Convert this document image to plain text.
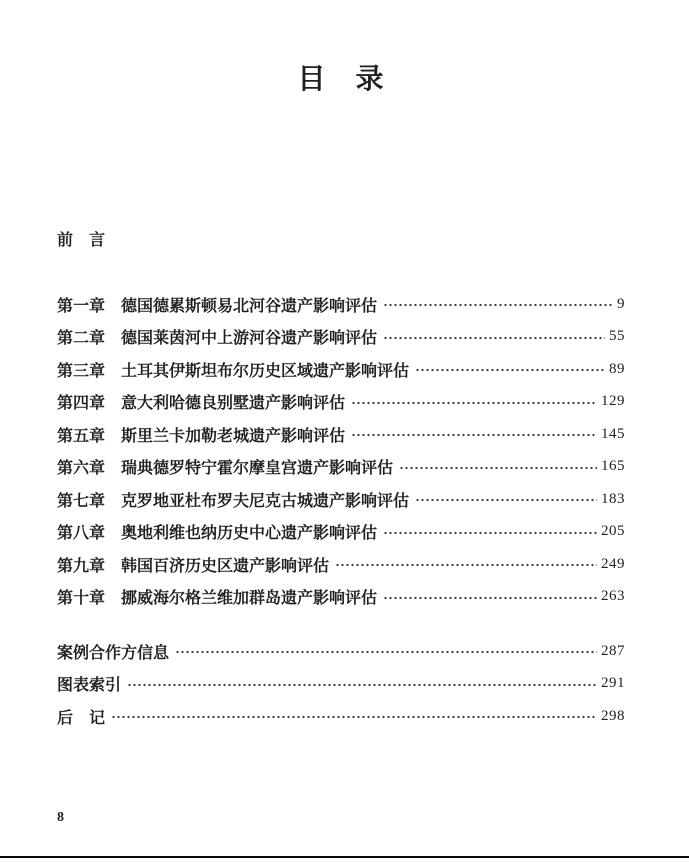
目　录
前　言
第一章 德国德累斯顿易北河谷遗产影响评估	9
第二章 德国莱茵河中上游河谷遗产影响评估	55
第三章 土耳其伊斯坦布尔历史区域遗产影响评估	89
第四章 意大利哈德良别墅遗产影响评估	129
第五章 斯里兰卡加勒老城遗产影响评估	145
第六章 瑞典德罗特宁霍尔摩皇宫遗产影响评估	165
第七章 克罗地亚杜布罗夫尼克古城遗产影响评估	183
第八章 奥地利维也纳历史中心遗产影响评估	205
第九章 韩国百济历史区遗产影响评估	249
第十章 挪威海尔格兰维加群岛遗产影响评估	263
案例合作方信息	287
图表索引	291
后　记	298
8
